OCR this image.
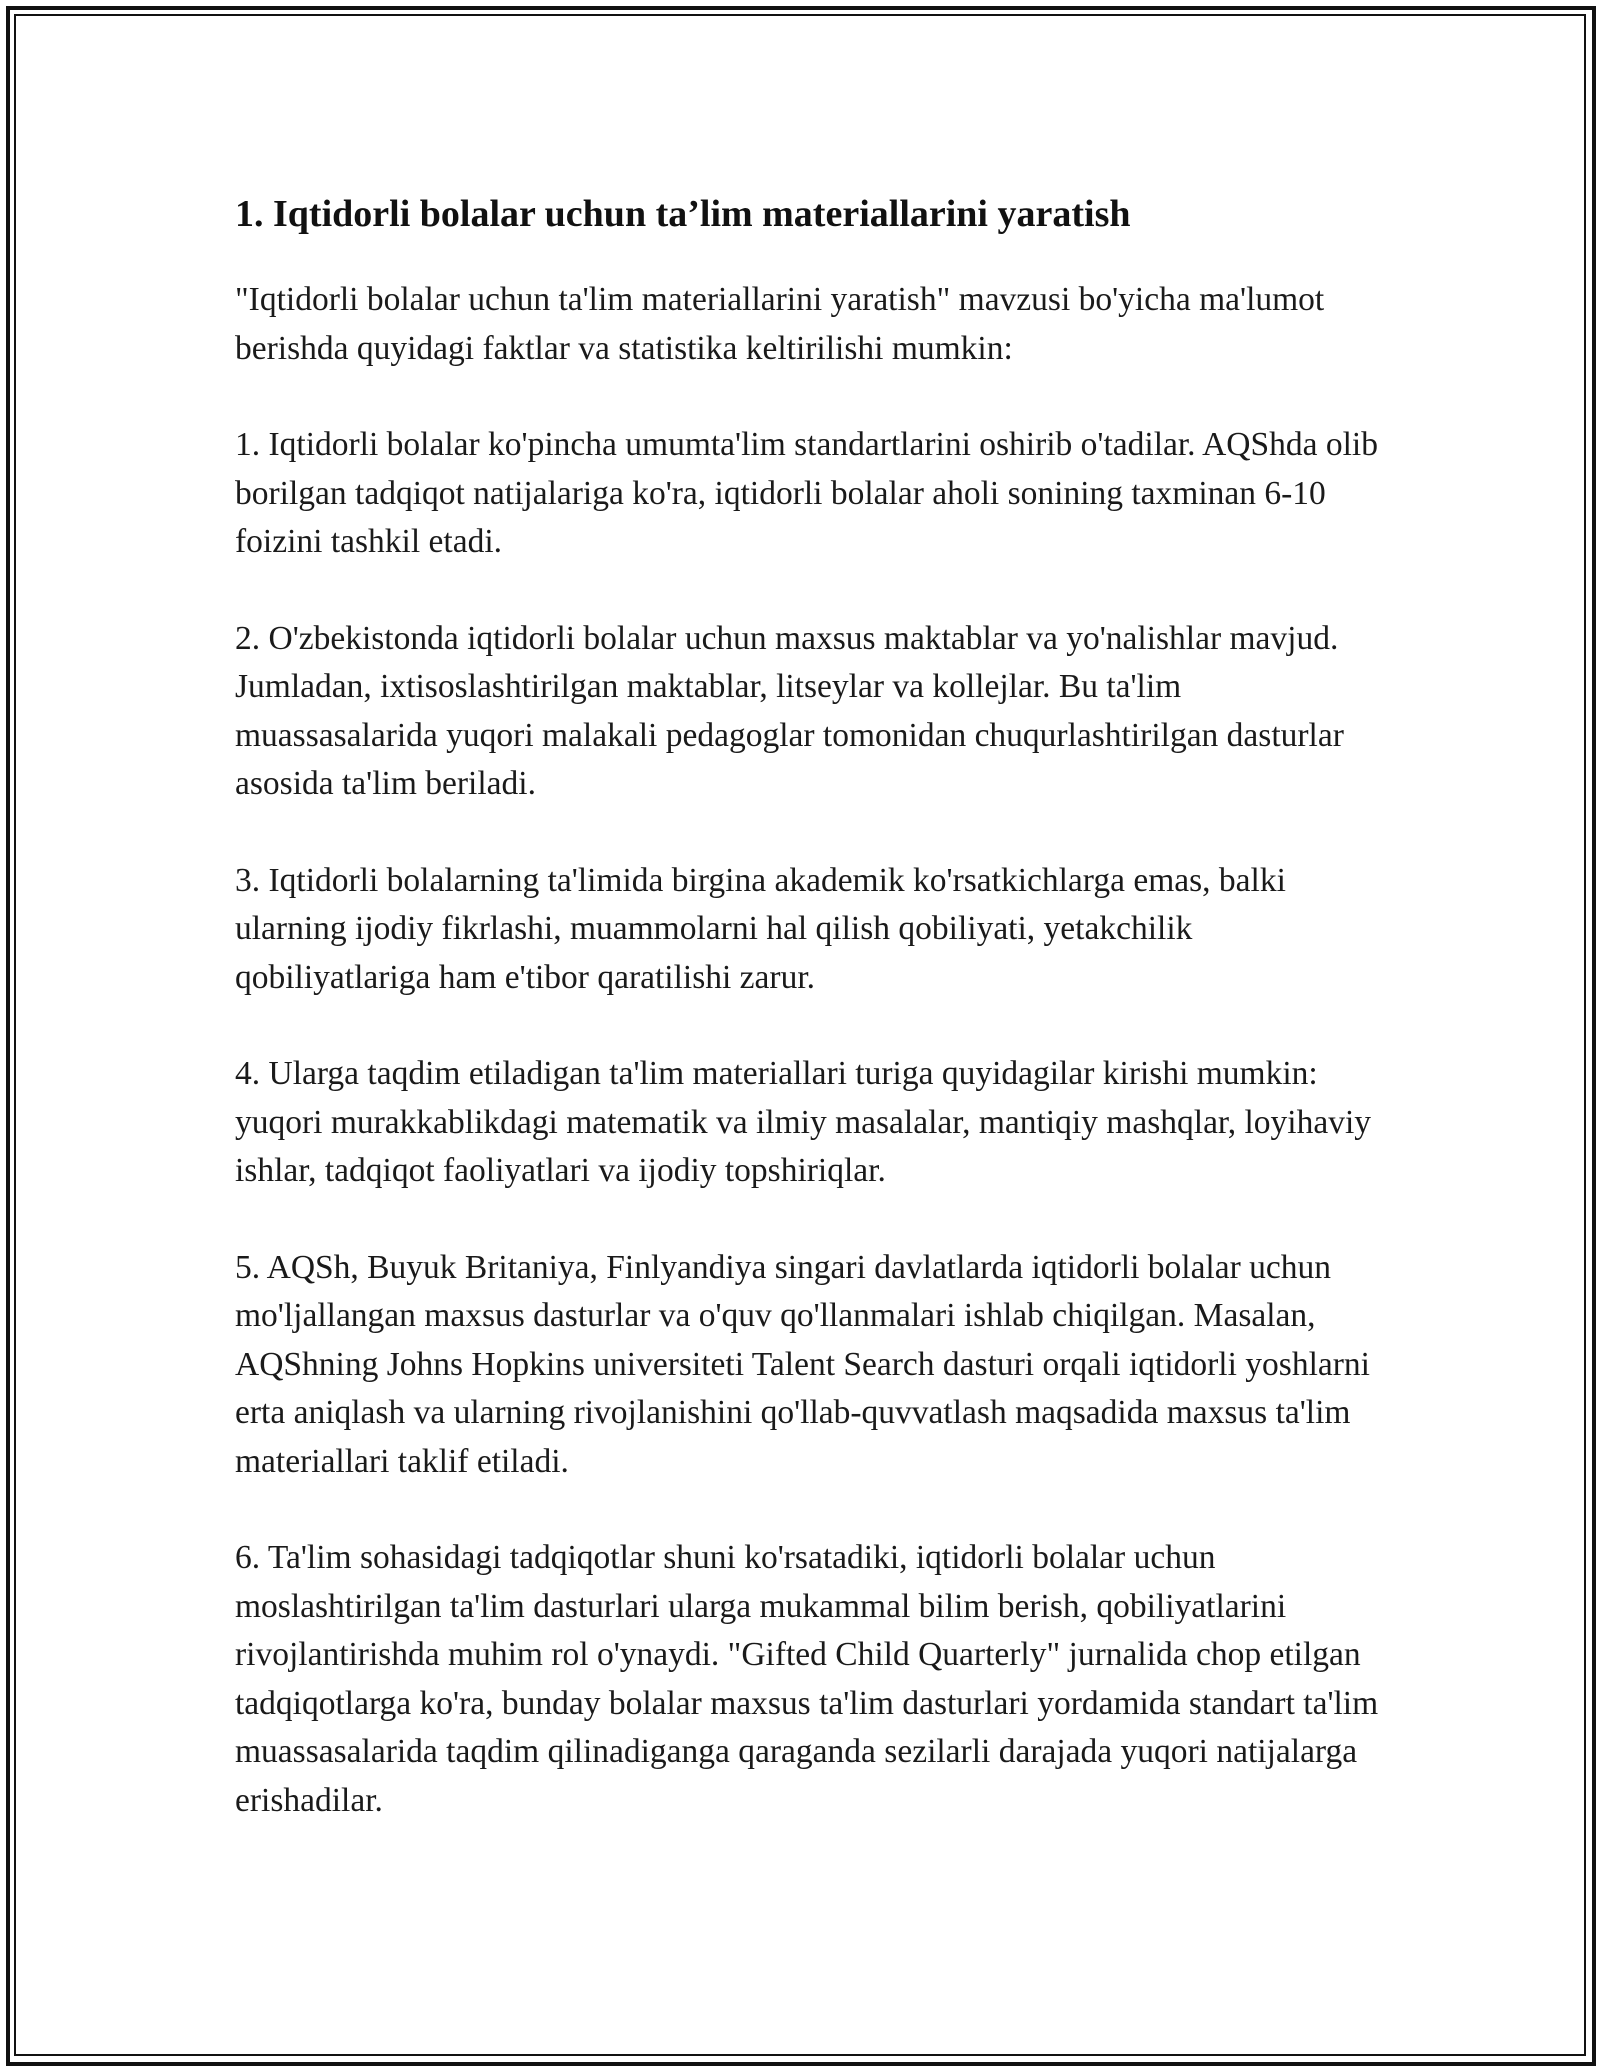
1. Iqtidorli bolalar uchun ta’lim materiallarini yaratish

"Iqtidorli bolalar uchun ta'lim materiallarini yaratish" mavzusi bo'yicha ma'lumot berishda quyidagi faktlar va statistika keltirilishi mumkin:

1. Iqtidorli bolalar ko'pincha umumta'lim standartlarini oshirib o'tadilar. AQShda olib borilgan tadqiqot natijalariga ko'ra, iqtidorli bolalar aholi sonining taxminan 6-10 foizini tashkil etadi.

2. O'zbekistonda iqtidorli bolalar uchun maxsus maktablar va yo'nalishlar mavjud. Jumladan, ixtisoslashtirilgan maktablar, litseylar va kollejlar. Bu ta'lim muassasalarida yuqori malakali pedagoglar tomonidan chuqurlashtirilgan dasturlar asosida ta'lim beriladi.

3. Iqtidorli bolalarning ta'limida birgina akademik ko'rsatkichlarga emas, balki ularning ijodiy fikrlashi, muammolarni hal qilish qobiliyati, yetakchilik qobiliyatlariga ham e'tibor qaratilishi zarur.

4. Ularga taqdim etiladigan ta'lim materiallari turiga quyidagilar kirishi mumkin: yuqori murakkablikdagi matematik va ilmiy masalalar, mantiqiy mashqlar, loyihaviy ishlar, tadqiqot faoliyatlari va ijodiy topshiriqlar.

5. AQSh, Buyuk Britaniya, Finlyandiya singari davlatlarda iqtidorli bolalar uchun mo'ljallangan maxsus dasturlar va o'quv qo'llanmalari ishlab chiqilgan. Masalan, AQShning Johns Hopkins universiteti Talent Search dasturi orqali iqtidorli yoshlarni erta aniqlash va ularning rivojlanishini qo'llab-quvvatlash maqsadida maxsus ta'lim materiallari taklif etiladi.

6. Ta'lim sohasidagi tadqiqotlar shuni ko'rsatadiki, iqtidorli bolalar uchun moslashtirilgan ta'lim dasturlari ularga mukammal bilim berish, qobiliyatlarini rivojlantirishda muhim rol o'ynaydi. "Gifted Child Quarterly" jurnalida chop etilgan tadqiqotlarga ko'ra, bunday bolalar maxsus ta'lim dasturlari yordamida standart ta'lim muassasalarida taqdim qilinadiganga qaraganda sezilarli darajada yuqori natijalarga erishadilar.
